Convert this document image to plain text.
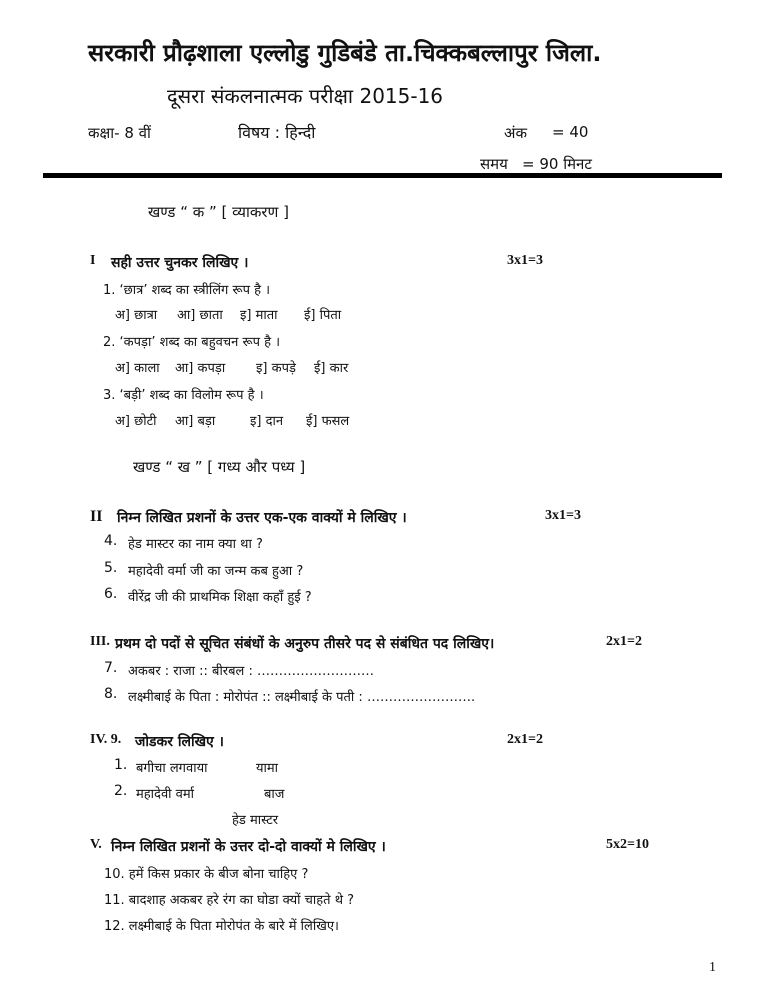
सरकारी प्रौढ़शाला एल्लोडु गुडिबंडे ता.चिक्कबल्लापुर जिला.
दूसरा संकलनात्मक परीक्षा 2015-16
कक्षा- 8 वीं	विषय : हिन्दी	अंक = 40
समय = 90 मिनट
खण्ड “ क ” [ व्याकरण ]
I सही उत्तर चुनकर लिखिए ।	3x1=3
1. ‘छात्र’ शब्द का स्त्रीलिंग रूप है ।
अ] छात्रा आ] छाता इ] माता ई] पिता
2. ‘कपड़ा’ शब्द का बहुवचन रूप है ।
अ] काला आ] कपड़ा इ] कपड़े ई] कार
3. ‘बड़ी’ शब्द का विलोम रूप है ।
अ] छोटी आ] बड़ा	इ] दान ई] फसल
खण्ड “ ख ” [ गध्य और पध्य ]
II निम्न लिखित प्रशनों के उत्तर एक-एक वाक्यों मे लिखिए ।	3x1=3
4. हेड मास्टर का नाम क्या था ?
5. महादेवी वर्मा जी का जन्म कब हुआ ?
6. वीरेंद्र जी की प्राथमिक शिक्षा कहाँ हुई ?
III. प्रथम दो पदों से सूचित संबंधों के अनुरुप तीसरे पद से संबंधित पद लिखिए।	2x1=2
7. अकबर : राजा :: बीरबल : ………………………
8. लक्ष्मीबाई के पिता : मोरोपंत :: लक्ष्मीबाई के पती : …………………….
IV. 9. जोडकर लिखिए ।	2x1=2
1. बगीचा लगवाया	यामा
2. महादेवी वर्मा	बाज
हेड मास्टर
V. निम्न लिखित प्रशनों के उत्तर दो-दो वाक्यों मे लिखिए ।	5x2=10
10. हमें किस प्रकार के बीज बोना चाहिए ?
11. बादशाह अकबर हरे रंग का घोडा क्यों चाहते थे ?
12. लक्ष्मीबाई के पिता मोरोपंत के बारे में लिखिए।
1
